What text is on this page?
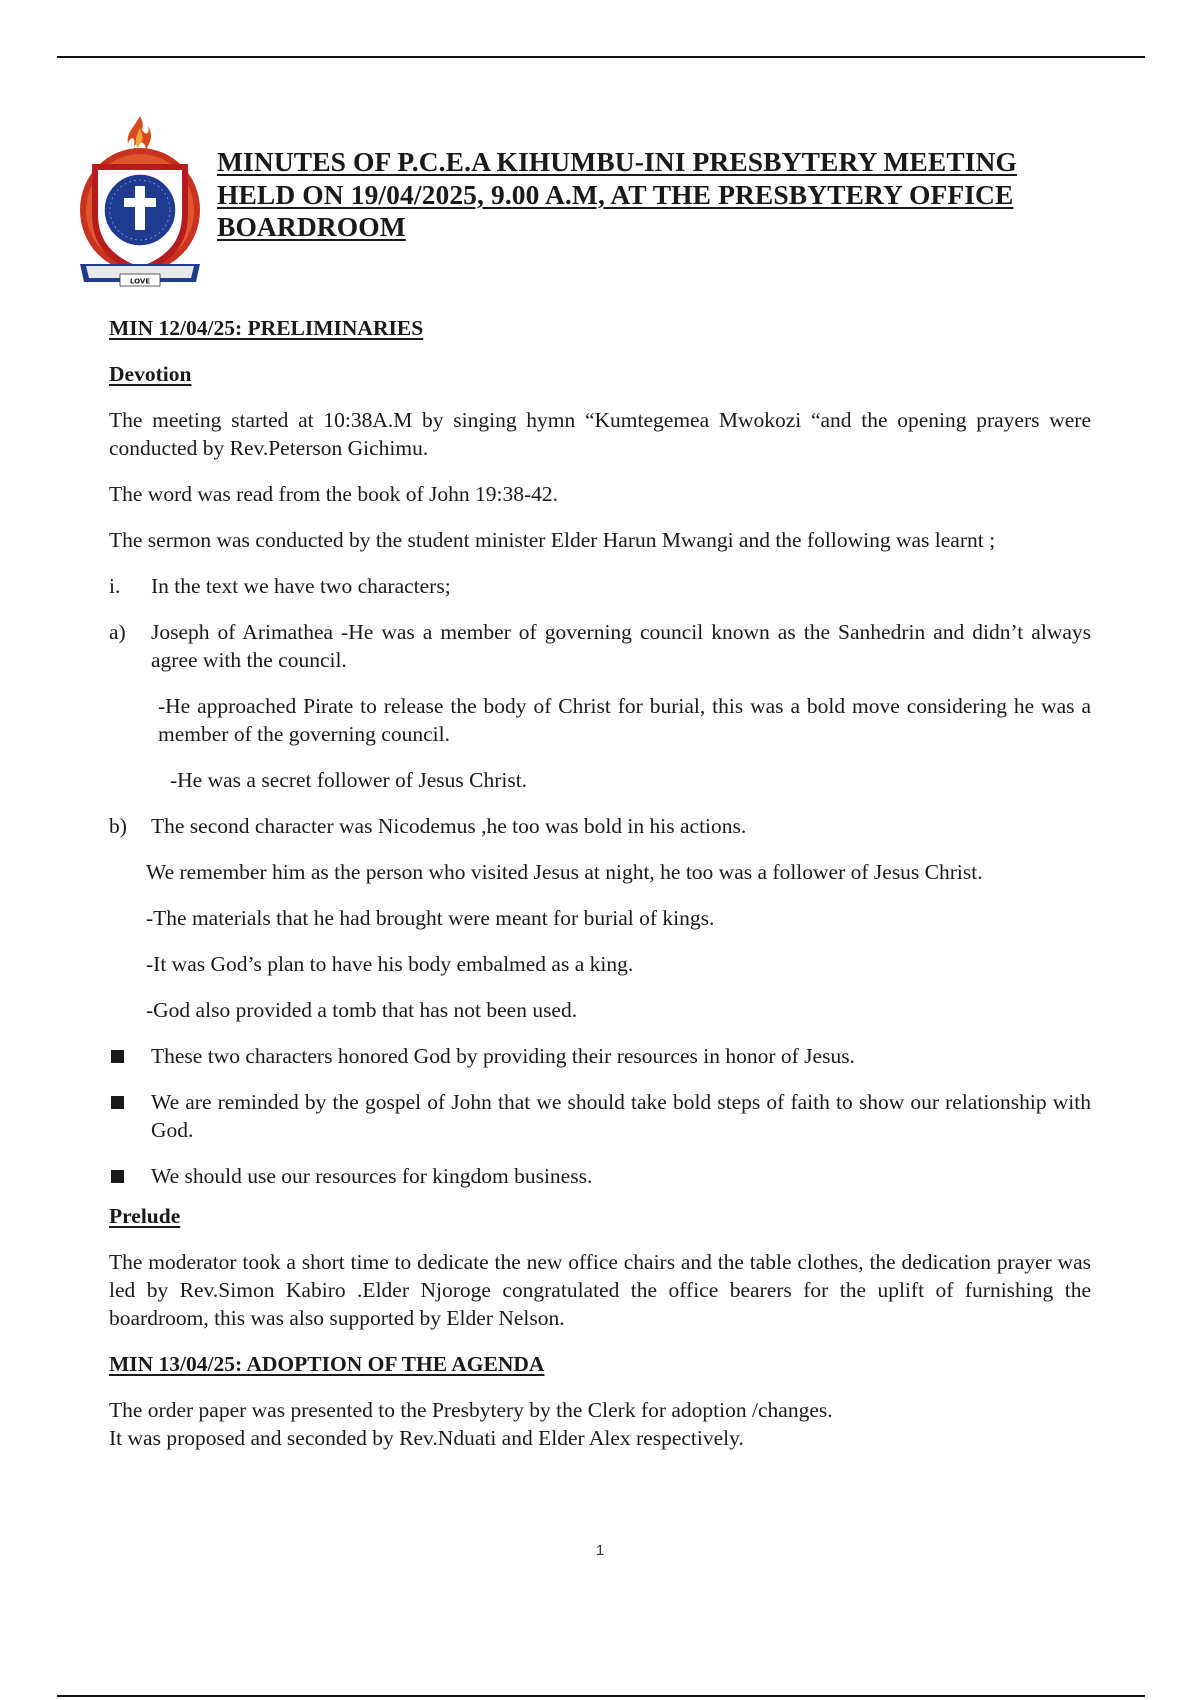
LOVE
MINUTES OF P.C.E.A KIHUMBU-INI PRESBYTERY MEETING
HELD ON 19/04/2025, 9.00 A.M, AT THE PRESBYTERY OFFICE
BOARDROOM

MIN 12/04/25: PRELIMINARIES

Devotion

The meeting started at 10:38A.M by singing hymn “Kumtegemea Mwokozi “and the opening prayers were conducted by Rev.Peterson Gichimu.

The word was read from the book of John 19:38-42.

The sermon was conducted by the student minister Elder Harun Mwangi and the following was learnt ;

i. In the text we have two characters;
a) Joseph of Arimathea -He was a member of governing council known as the Sanhedrin and didn’t always agree with the council.
-He approached Pirate to release the body of Christ for burial, this was a bold move considering he was a member of the governing council.
-He was a secret follower of Jesus Christ.
b) The second character was Nicodemus ,he too was bold in his actions.
We remember him as the person who visited Jesus at night, he too was a follower of Jesus Christ.
-The materials that he had brought were meant for burial of kings.
-It was God’s plan to have his body embalmed as a king.
-God also provided a tomb that has not been used.
These two characters honored God by providing their resources in honor of Jesus.
We are reminded by the gospel of John that we should take bold steps of faith to show our relationship with God.
We should use our resources for kingdom business.

Prelude

The moderator took a short time to dedicate the new office chairs and the table clothes, the dedication prayer was led by Rev.Simon Kabiro .Elder Njoroge congratulated the office bearers for the uplift of furnishing the boardroom, this was also supported by Elder Nelson.

MIN 13/04/25: ADOPTION OF THE AGENDA

The order paper was presented to the Presbytery by the Clerk for adoption /changes.
It was proposed and seconded by Rev.Nduati and Elder Alex respectively.
1
